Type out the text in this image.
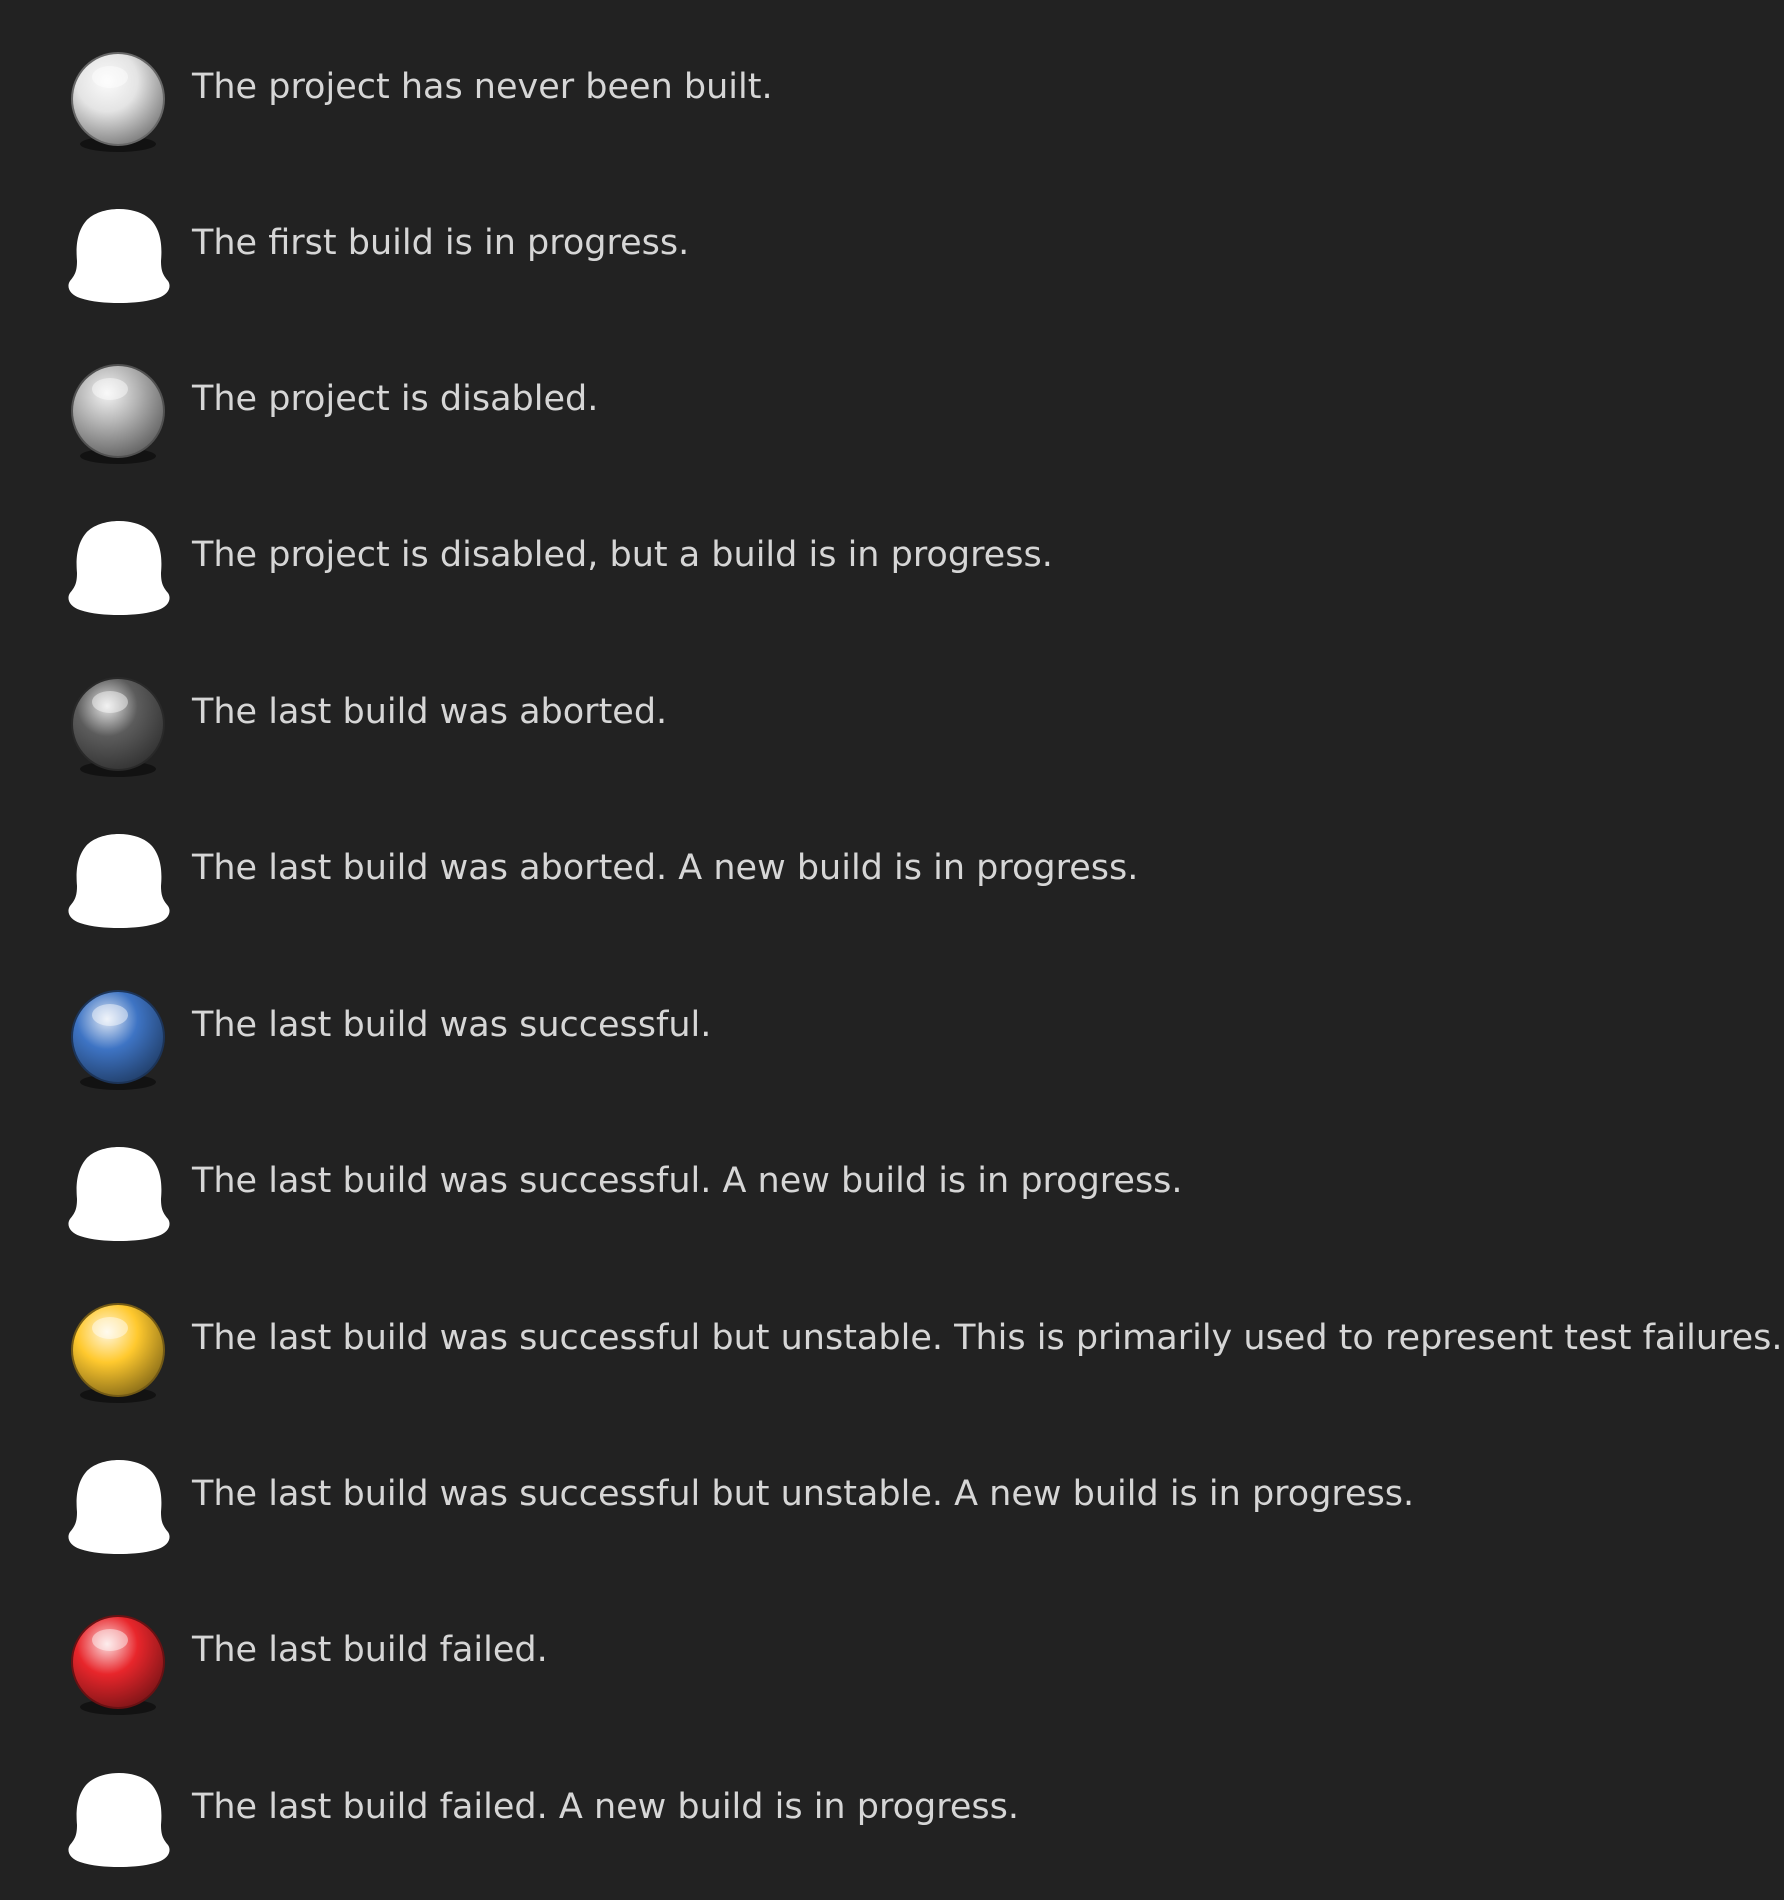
The project has never been built.
The first build is in progress.
The project is disabled.
The project is disabled, but a build is in progress.
The last build was aborted.
The last build was aborted. A new build is in progress.
The last build was successful.
The last build was successful. A new build is in progress.
The last build was successful but unstable. This is primarily used to represent test failures.
The last build was successful but unstable. A new build is in progress.
The last build failed.
The last build failed. A new build is in progress.
